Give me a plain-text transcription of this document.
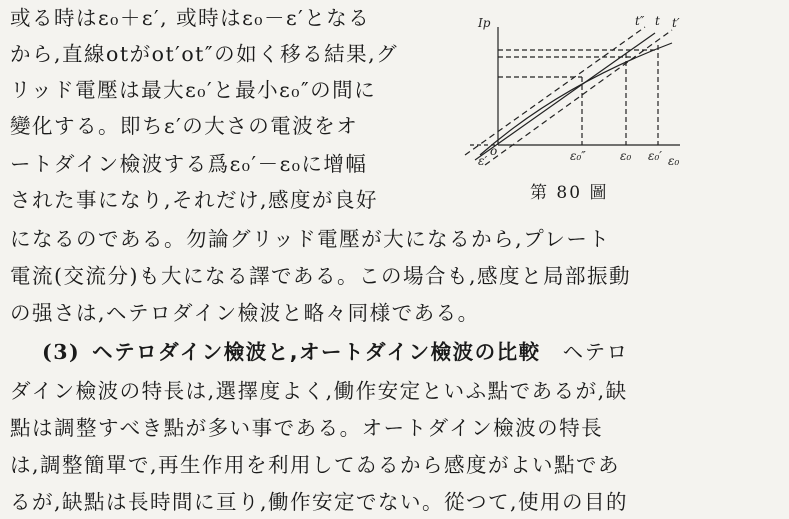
或る時はε₀＋ε′, 或時はε₀－ε′となる
から,直線otがot′ot″の如く移る結果,グ
リッド電壓は最大ε₀′と最小ε₀″の間に
變化する。即ちε′の大さの電波をオ
ートダイン檢波する爲ε₀′－ε₀に增幅
された事になり,それだけ,感度が良好
になるのである。勿論グリッド電壓が大になるから,プレート
電流(交流分)も大になる譯である。この場合も,感度と局部振動
の强さは,ヘテロダイン檢波と略々同様である。
(3) ヘテロダイン檢波と,オートダイン檢波の比較 ヘテロ
ダイン檢波の特長は,選擇度よく,働作安定といふ點であるが,缺
點は調整すべき點が多い事である。オートダイン檢波の特長
は,調整簡單で,再生作用を利用してゐるから感度がよい點であ
るが,缺點は長時間に亘り,働作安定でない。從つて,使用の目的
Ip
o
t″ t t′
ε₀″	ε₀ ε₀′ ε₀
ε′
第 80 圖
